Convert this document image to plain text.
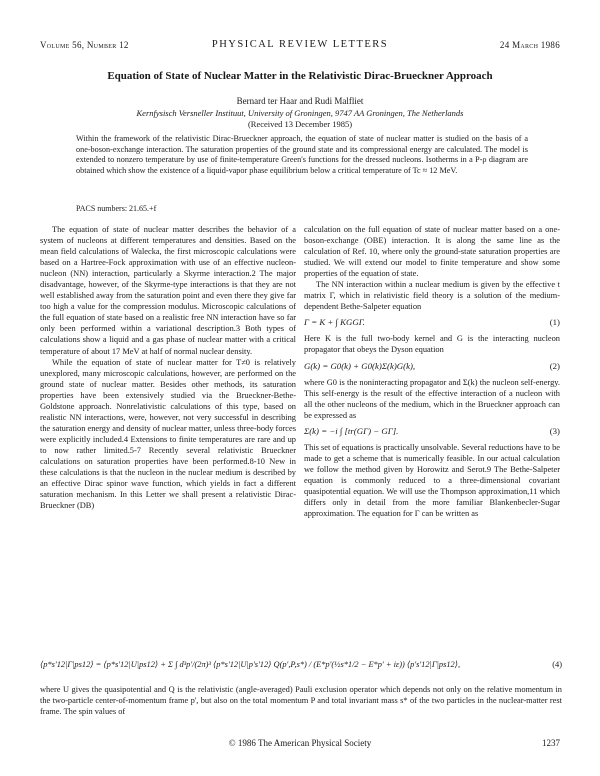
Volume 56, Number 12	PHYSICAL REVIEW LETTERS	24 March 1986
Equation of State of Nuclear Matter in the Relativistic Dirac-Brueckner Approach
Bernard ter Haar and Rudi Malfliet
Kernfysisch Versneller Instituut, University of Groningen, 9747 AA Groningen, The Netherlands
(Received 13 December 1985)
Within the framework of the relativistic Dirac-Brueckner approach, the equation of state of nuclear matter is studied on the basis of a one-boson-exchange interaction. The saturation properties of the ground state and its compressional energy are calculated. The model is extended to nonzero temperature by use of finite-temperature Green's functions for the dressed nucleons. Isotherms in a P-ρ diagram are obtained which show the existence of a liquid-vapor phase equilibrium below a critical temperature of Tc ≈ 12 MeV.
PACS numbers: 21.65.+f

The equation of state of nuclear matter describes the behavior of a system of nucleons at different temperatures and densities. Based on the mean field calculations of Walecka, the first microscopic calculations were based on a Hartree-Fock approximation with use of an effective nucleon-nucleon (NN) interaction, particularly a Skyrme interaction.2 The major disadvantage, however, of the Skyrme-type interactions is that they are not well established away from the saturation point and even there they give far too high a value for the compression modulus. Microscopic calculations of the full equation of state based on a realistic free NN interaction have so far only been performed within a variational description.3 Both types of calculations show a liquid and a gas phase of nuclear matter with a critical temperature of about 17 MeV at half of normal nuclear density.

While the equation of state of nuclear matter for T≠0 is relatively unexplored, many microscopic calculations, however, are performed on the ground state of nuclear matter. Besides other methods, its saturation properties have been extensively studied via the Brueckner-Bethe-Goldstone approach. Nonrelativistic calculations of this type, based on realistic NN interactions, were, however, not very successful in describing the saturation energy and density of nuclear matter, unless three-body forces were explicitly included.4 Extensions to finite temperatures are rare and up to now rather limited.5-7 Recently several relativistic Brueckner calculations on saturation properties have been performed.8-10 New in these calculations is that the nucleon in the nuclear medium is described by an effective Dirac spinor wave function, which yields in fact a different saturation mechanism. In this Letter we shall present a relativistic Dirac-Brueckner (DB)

calculation on the full equation of state of nuclear matter based on a one-boson-exchange (OBE) interaction. It is along the same line as the calculation of Ref. 10, where only the ground-state saturation properties are studied. We will extend our model to finite temperature and show some properties of the equation of state.

The NN interaction within a nuclear medium is given by the effective t matrix Γ, which in relativistic field theory is a solution of the medium-dependent Bethe-Salpeter equation

Γ = K + ∫ KGGΓ.	(1)

Here K is the full two-body kernel and G is the interacting nucleon propagator that obeys the Dyson equation

G(k) = G0(k) + G0(k)Σ(k)G(k),	(2)

where G0 is the noninteracting propagator and Σ(k) the nucleon self-energy. This self-energy is the result of the effective interaction of a nucleon with all the other nucleons of the medium, which in the Brueckner approach can be expressed as

Σ(k) = −i ∫ [tr(GΓ) − GΓ].	(3)

This set of equations is practically unsolvable. Several reductions have to be made to get a scheme that is numerically feasible. In our actual calculation we follow the method given by Horowitz and Serot.9 The Bethe-Salpeter equation is commonly reduced to a three-dimensional covariant quasipotential equation. We will use the Thompson approximation,11 which differs only in detail from the more familiar Blankenbecler-Sugar approximation. The equation for Γ can be written as

⟨p*s'12|Γ|ps12⟩ = ⟨p*s'12|U|ps12⟩ + Σ ∫ d³p'/(2π)³ ⟨p*s'12|U|p's'12⟩ Q(p',P,s*) / (E*p'(½s*1/2 − E*p' + iε)) ⟨p's'12|Γ|ps12⟩,	(4)
where U gives the quasipotential and Q is the relativistic (angle-averaged) Pauli exclusion operator which depends not only on the relative momentum in the two-particle center-of-momentum frame p', but also on the total momentum P and total invariant mass s* of the two particles in the nuclear-matter rest frame. The spin values of
© 1986 The American Physical Society	1237
